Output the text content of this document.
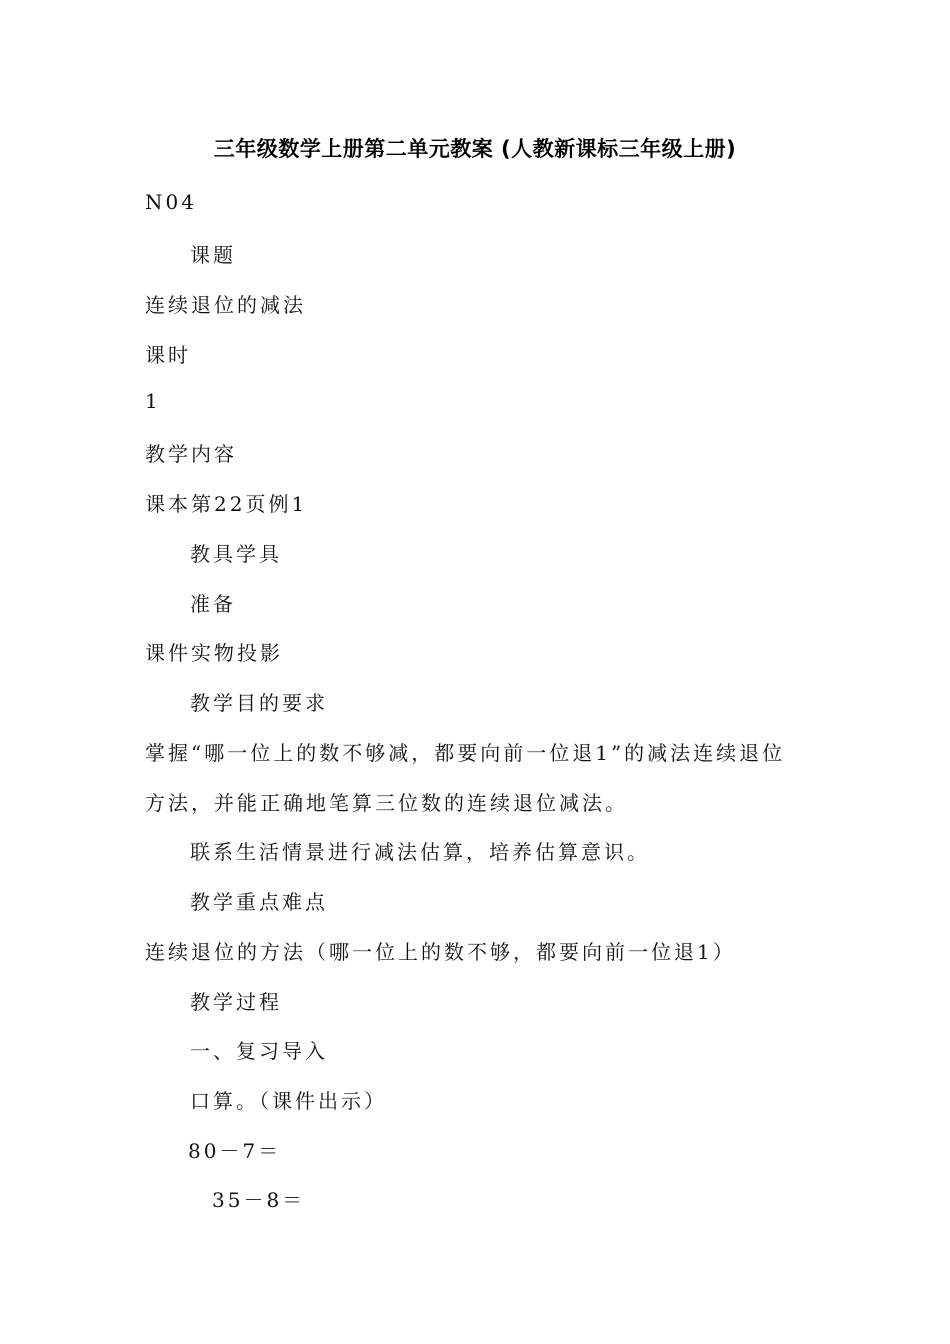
三年级数学上册第二单元教案 (人教新课标三年级上册)
N04
课题
连续退位的减法
课时
1
教学内容
课本第22页例1
教具学具
准备
课件实物投影
教学目的要求
掌握“哪一位上的数不够减，都要向前一位退1”的减法连续退位
方法，并能正确地笔算三位数的连续退位减法。
联系生活情景进行减法估算，培养估算意识。
教学重点难点
连续退位的方法（哪一位上的数不够，都要向前一位退1）
教学过程
一、复习导入
口算。（课件出示）
80－7＝
35－8＝
